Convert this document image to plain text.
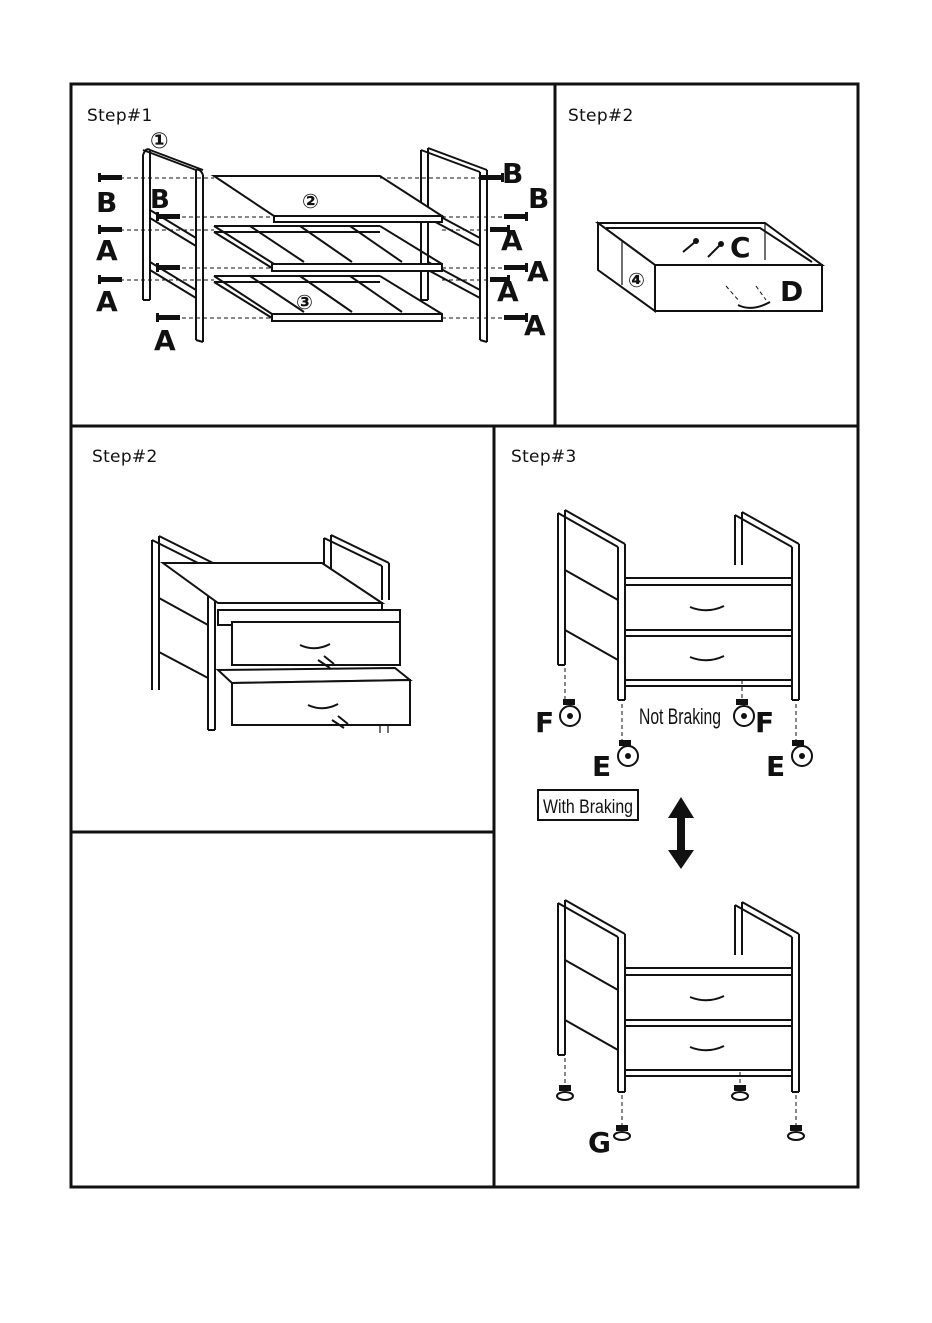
①
②
③
B B
A
A
A
B
B
A
A
A
A
④
C
D
F	F
E	E
Not Braking
With Braking
G
Step#1	Step#2
Step#2	Step#3
